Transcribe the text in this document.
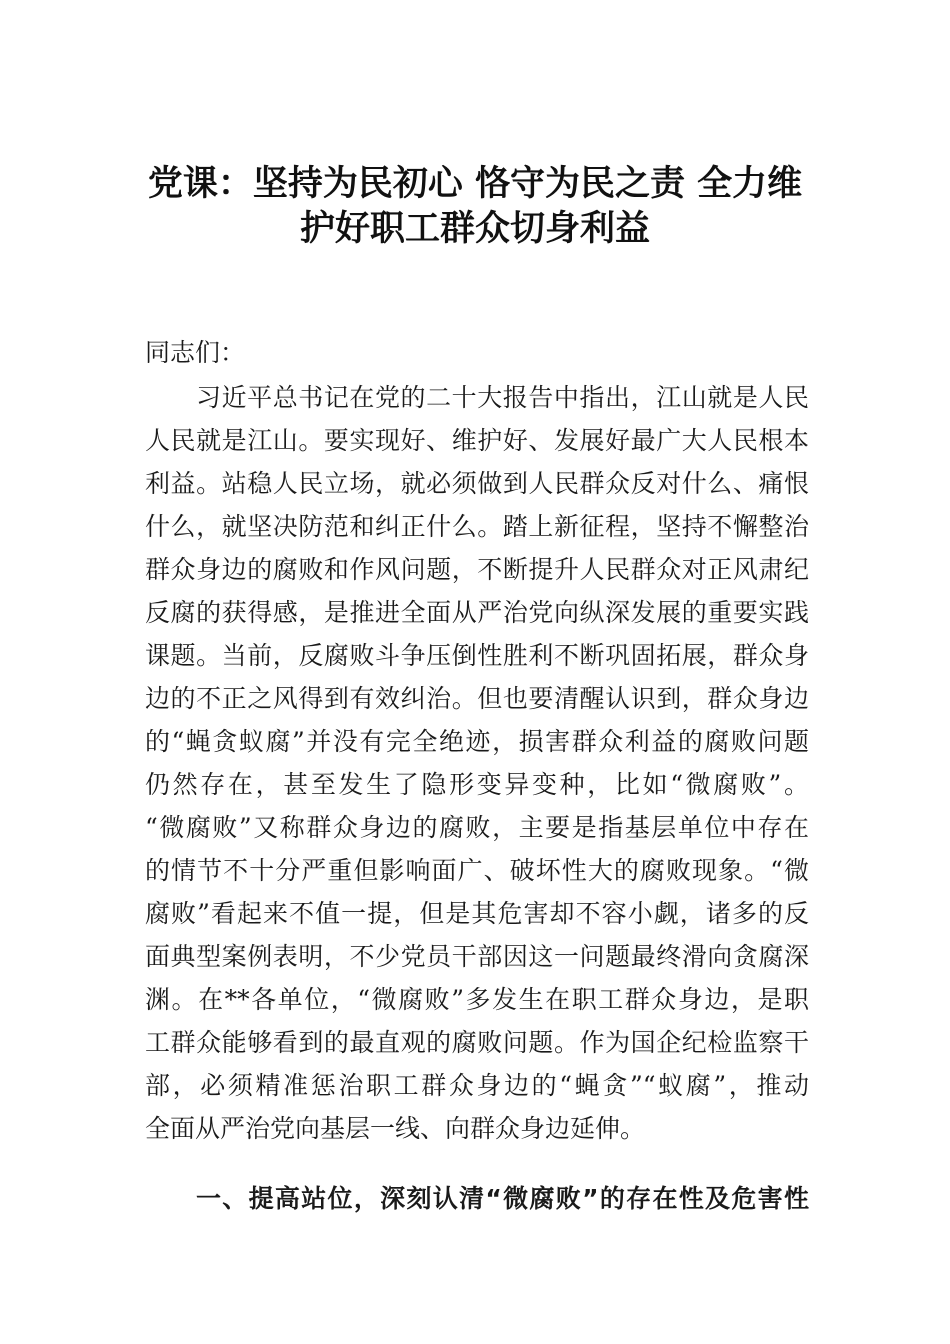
党课：坚持为民初心 恪守为民之责 全力维
护好职工群众切身利益
同志们：
习近平总书记在党的二十大报告中指出，江山就是人民
人民就是江山。要实现好、维护好、发展好最广大人民根本
利益。站稳人民立场，就必须做到人民群众反对什么、痛恨
什么，就坚决防范和纠正什么。踏上新征程，坚持不懈整治
群众身边的腐败和作风问题，不断提升人民群众对正风肃纪
反腐的获得感，是推进全面从严治党向纵深发展的重要实践
课题。当前，反腐败斗争压倒性胜利不断巩固拓展，群众身
边的不正之风得到有效纠治。但也要清醒认识到，群众身边
的“蝇贪蚁腐”并没有完全绝迹，损害群众利益的腐败问题
仍然存在，甚至发生了隐形变异变种，比如“微腐败”。
“微腐败”又称群众身边的腐败，主要是指基层单位中存在
的情节不十分严重但影响面广、破坏性大的腐败现象。“微
腐败”看起来不值一提，但是其危害却不容小觑，诸多的反
面典型案例表明，不少党员干部因这一问题最终滑向贪腐深
渊。在**各单位，“微腐败”多发生在职工群众身边，是职
工群众能够看到的最直观的腐败问题。作为国企纪检监察干
部，必须精准惩治职工群众身边的“蝇贪”“蚁腐”，推动
全面从严治党向基层一线、向群众身边延伸。
一、提高站位，深刻认清“微腐败”的存在性及危害性
